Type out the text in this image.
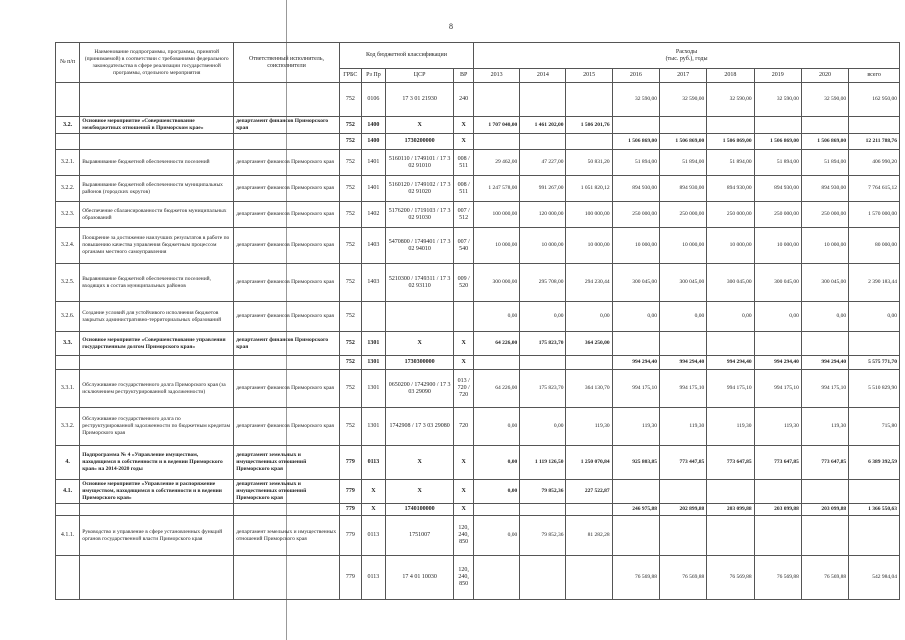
8
№ п/п	Наименование подпрограммы, программы, принятой (принимаемой) в соответствии с требованиями федерального законодательства в сфере реализации государственной программы, отдельного мероприятия	Ответственный исполнитель, соисполнители	Код бюджетной классификации				Расходы
(тыс. руб.), годы								
			ГРБС	Рз Пр	ЦСР	ВР	2013	2014	2015	2016	2017	2018	2019	2020	всего
			752	0106	17 3 01 21930	240				32 590,00	32 590,00	32 590,00	32 590,00	32 590,00	162 950,00
3.2.	Основное мероприятие «Совершенствование межбюджетных отношений в Приморском крае»	департамент финансов Приморского края	752	1400	X	X	1 707 040,00	1 461 202,00	1 506 201,76						
			752	1400	1730200000	X				1 506 869,00	1 506 869,00	1 506 869,00	1 506 869,00	1 506 869,00	12 211 788,76
3.2.1.	Выравнивание бюджетной обеспеченности поселений	департамент финансов Приморского края	752	1401	5160110 / 1749101 / 17 3 02 91010	008 / 511	29 462,00	47 227,00	50 831,20	51 894,00	51 894,00	51 894,00	51 894,00	51 894,00	406 990,20
3.2.2.	Выравнивание бюджетной обеспеченности муниципальных районов (городских округов)	департамент финансов Приморского края	752	1401	5160120 / 1749102 / 17 3 02 91020	008 / 511	1 247 578,00	991 267,00	1 051 820,12	894 930,00	894 930,00	894 930,00	894 930,00	894 930,00	7 764 615,12
3.2.3.	Обеспечение сбалансированности бюджетов муниципальных образований	департамент финансов Приморского края	752	1402	5176200 / 1719103 / 17 3 02 91030	007 / 512	100 000,00	120 000,00	100 000,00	250 000,00	250 000,00	250 000,00	250 000,00	250 000,00	1 570 000,00
3.2.4.	Поощрение за достижение наилучших результатов в работе по повышению качества управления бюджетным процессом органами местного самоуправления	департамент финансов Приморского края	752	1403	5470800 / 1749401 / 17 3 02 94010	007 / 540	10 000,00	10 000,00	10 000,00	10 000,00	10 000,00	10 000,00	10 000,00	10 000,00	80 000,00
3.2.5.	Выравнивание бюджетной обеспеченности поселений, входящих в состав муниципальных районов	департамент финансов Приморского края	752	1403	5210300 / 1749311 / 17 3 02 93110	009 / 520	300 000,00	295 708,00	294 230,44	300 045,00	300 045,00	300 045,00	300 045,00	300 045,00	2 390 183,44
3.2.6.	Создание условий для устойчивого исполнения бюджетов закрытых административно-территориальных образований	департамент финансов Приморского края	752				0,00	0,00	0,00	0,00	0,00	0,00	0,00	0,00	0,00
3.3.	Основное мероприятие «Совершенствование управления государственным долгом Приморского края»	департамент финансов Приморского края	752	1301	X	X	64 226,00	175 823,70	364 250,00						
			752	1301	1730300000	X				994 294,40	994 294,40	994 294,40	994 294,40	994 294,40	5 575 771,70
3.3.1.	Обслуживание государственного долга Приморского края (за исключением реструктурированной задолженности)	департамент финансов Приморского края	752	1301	0650200 / 1742900 / 17 3 03 29090	013 / 720 / 720	64 226,00	175 823,70	364 130,70	994 175,10	994 175,10	994 175,10	994 175,10	994 175,10	5 510 829,90
3.3.2.	Обслуживание государственного долга по реструктурированной задолженности по бюджетным кредитам Приморского края	департамент финансов Приморского края	752	1301	1742908 / 17 3 03 29080	720	0,00	0,00	119,30	119,30	119,30	119,30	119,30	119,30	715,80
4.	Подпрограмма № 4 «Управление имуществом, находящимся в собственности и в ведении Приморского края» на 2014-2020 годы	департамент земельных и имущественных отношений Приморского края	779	0113	X	X	0,00	1 119 126,50	1 250 070,84	925 803,85	773 447,85	773 647,85	773 647,85	773 647,85	6 389 392,59
4.1.	Основное мероприятие «Управление и распоряжение имуществом, находящимся в собственности и в ведении Приморского края»	департамент земельных и имущественных отношений Приморского края	779	X	X	X	0,00	79 852,36	227 522,87						
			779	X	1740100000	X				246 975,88	202 899,88	203 099,88	203 099,88	203 099,88	1 366 550,63
4.1.1.	Руководство и управление в сфере установленных функций органов государственной власти Приморского края	департамент земельных и имущественных отношений Приморского края	779	0113	1751007	120, 240, 850	0,00	79 852,36	81 282,28						
			779	0113	17 4 01 10030	120, 240, 850				76 569,88	76 569,88	76 569,88	76 569,88	76 569,88	542 984,04
